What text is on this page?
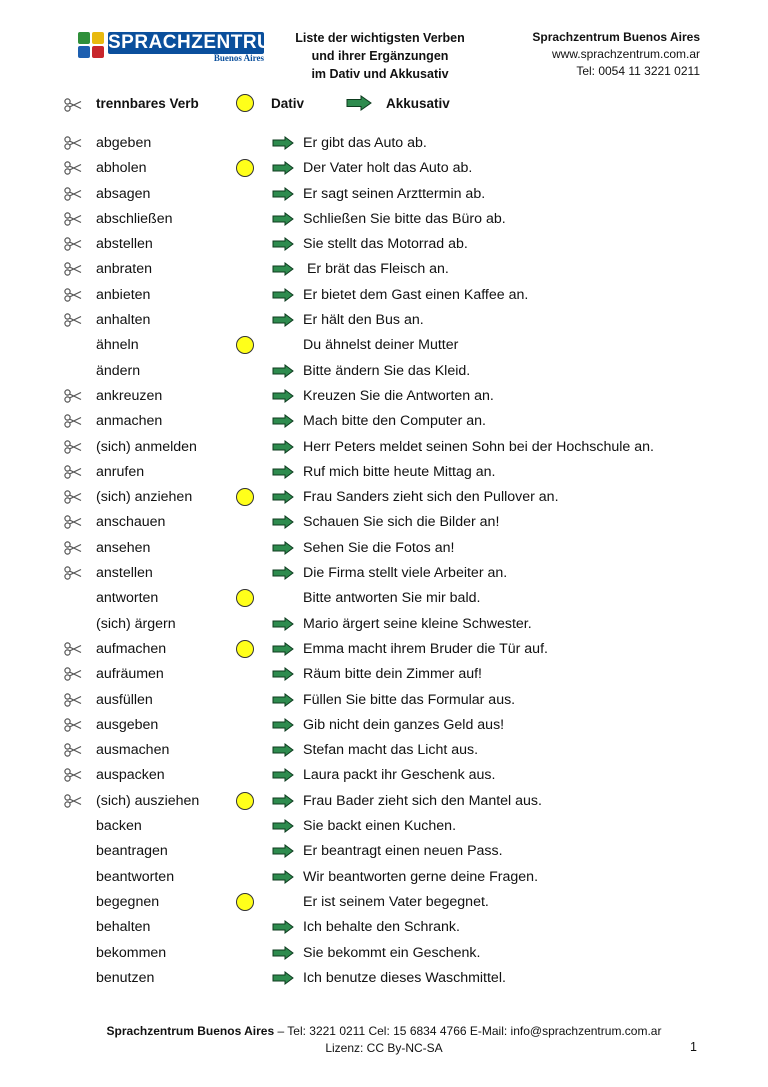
SPRACHZENTRUM
Buenos Aires
Liste der wichtigsten Verben
und ihrer Ergänzungen
im Dativ und Akkusativ
Sprachzentrum Buenos Aires
www.sprachzentrum.com.ar
Tel: 0054 11 3221 0211
trennbares Verb	Dativ	Akkusativ
abgeben	Er gibt das Auto ab.
abholen	Der Vater holt das Auto ab.
absagen	Er sagt seinen Arzttermin ab.
abschließen	Schließen Sie bitte das Büro ab.
abstellen	Sie stellt das Motorrad ab.
anbraten	Er brät das Fleisch an.
anbieten	Er bietet dem Gast einen Kaffee an.
anhalten	Er hält den Bus an.
ähneln	Du ähnelst deiner Mutter
ändern	Bitte ändern Sie das Kleid.
ankreuzen	Kreuzen Sie die Antworten an.
anmachen	Mach bitte den Computer an.
(sich) anmelden	Herr Peters meldet seinen Sohn bei der Hochschule an.
anrufen	Ruf mich bitte heute Mittag an.
(sich) anziehen	Frau Sanders zieht sich den Pullover an.
anschauen	Schauen Sie sich die Bilder an!
ansehen	Sehen Sie die Fotos an!
anstellen	Die Firma stellt viele Arbeiter an.
antworten	Bitte antworten Sie mir bald.
(sich) ärgern	Mario ärgert seine kleine Schwester.
aufmachen	Emma macht ihrem Bruder die Tür auf.
aufräumen	Räum bitte dein Zimmer auf!
ausfüllen	Füllen Sie bitte das Formular aus.
ausgeben	Gib nicht dein ganzes Geld aus!
ausmachen	Stefan macht das Licht aus.
auspacken	Laura packt ihr Geschenk aus.
(sich) ausziehen	Frau Bader zieht sich den Mantel aus.
backen	Sie backt einen Kuchen.
beantragen	Er beantragt einen neuen Pass.
beantworten	Wir beantworten gerne deine Fragen.
begegnen	Er ist seinem Vater begegnet.
behalten	Ich behalte den Schrank.
bekommen	Sie bekommt ein Geschenk.
benutzen	Ich benutze dieses Waschmittel.
Sprachzentrum Buenos Aires – Tel: 3221 0211 Cel: 15 6834 4766 E-Mail: info@sprachzentrum.com.ar
Lizenz: CC By-NC-SA	1
